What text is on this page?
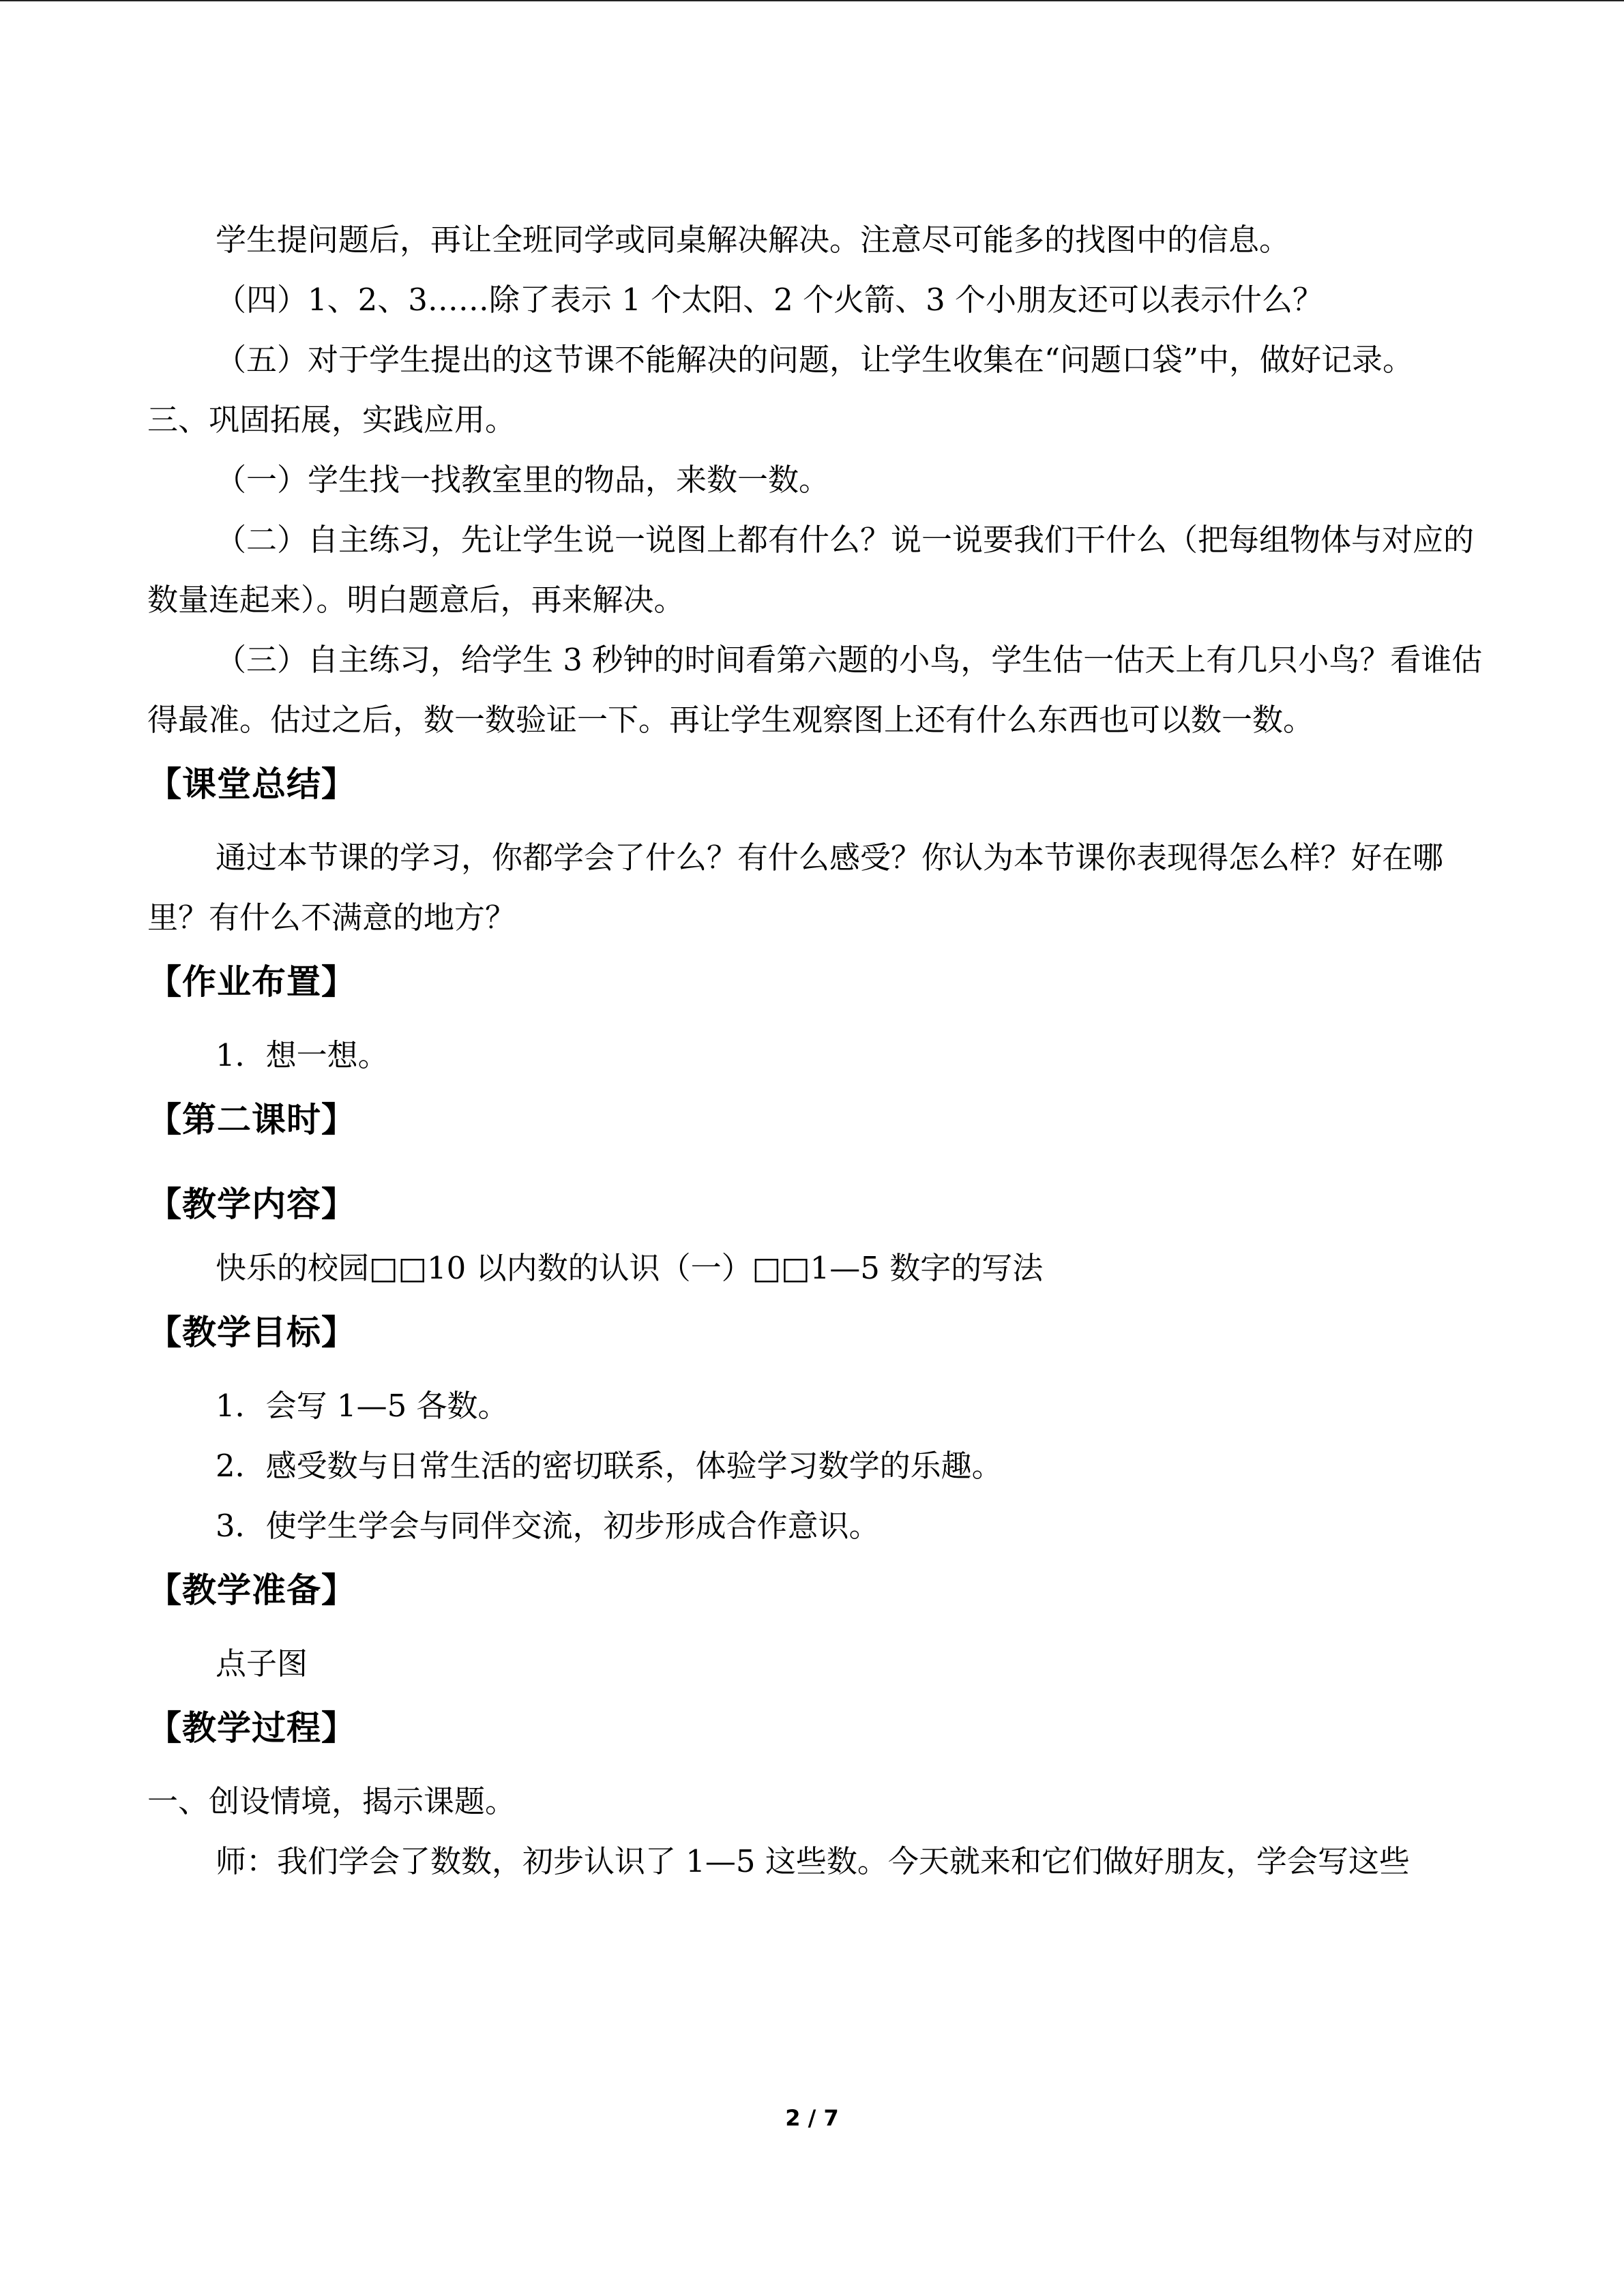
学生提问题后，再让全班同学或同桌解决解决。注意尽可能多的找图中的信息。

（四）1、2、3……除了表示 1 个太阳、2 个火箭、3 个小朋友还可以表示什么？

（五）对于学生提出的这节课不能解决的问题，让学生收集在“问题口袋”中，做好记录。

三、巩固拓展，实践应用。

（一）学生找一找教室里的物品，来数一数。

（二）自主练习，先让学生说一说图上都有什么？说一说要我们干什么（把每组物体与对应的数量连起来）。明白题意后，再来解决。

（三）自主练习，给学生 3 秒钟的时间看第六题的小鸟，学生估一估天上有几只小鸟？看谁估得最准。估过之后，数一数验证一下。再让学生观察图上还有什么东西也可以数一数。

【课堂总结】

通过本节课的学习，你都学会了什么？有什么感受？你认为本节课你表现得怎么样？好在哪里？有什么不满意的地方？

【作业布置】

1．想一想。

【第二课时】
【教学内容】

快乐的校园□□10 以内数的认识（一）□□1—5 数字的写法

【教学目标】

1．会写 1—5 各数。

2．感受数与日常生活的密切联系，体验学习数学的乐趣。

3．使学生学会与同伴交流，初步形成合作意识。

【教学准备】

点子图

【教学过程】

一、创设情境，揭示课题。

师：我们学会了数数，初步认识了 1—5 这些数。今天就来和它们做好朋友，学会写这些

2 / 7
